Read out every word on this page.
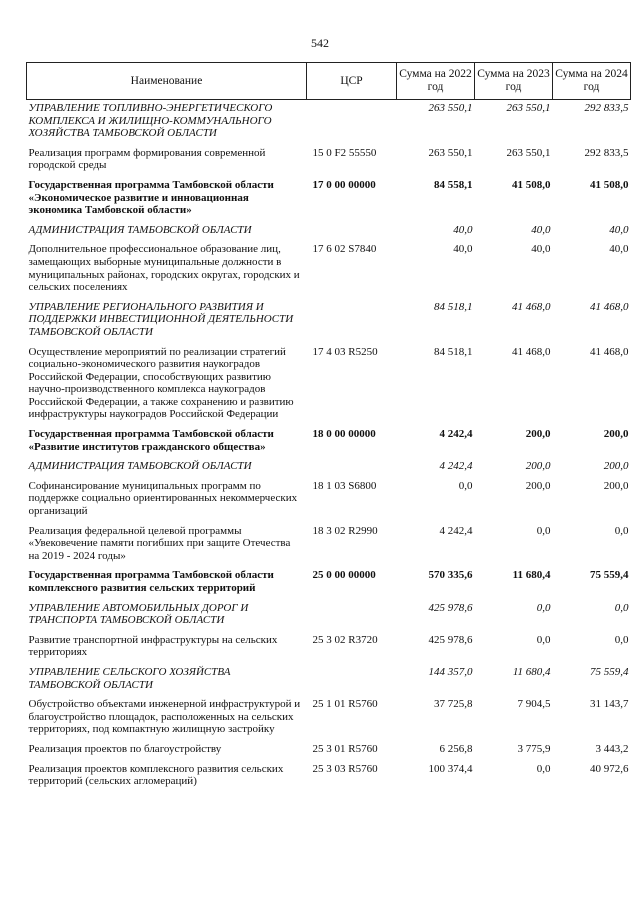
542
Наименование	ЦСР	Сумма на 2022 год	Сумма на 2023 год	Сумма на 2024 год
УПРАВЛЕНИЕ ТОПЛИВНО-ЭНЕРГЕТИЧЕСКОГО КОМПЛЕКСА И ЖИЛИЩНО-КОММУНАЛЬНОГО ХОЗЯЙСТВА ТАМБОВСКОЙ ОБЛАСТИ		263 550,1	263 550,1	292 833,5
Реализация программ формирования современной городской среды	15 0 F2 55550	263 550,1	263 550,1	292 833,5
Государственная программа Тамбовской области «Экономическое развитие и инновационная экономика Тамбовской области»	17 0 00 00000	84 558,1	41 508,0	41 508,0
АДМИНИСТРАЦИЯ ТАМБОВСКОЙ ОБЛАСТИ		40,0	40,0	40,0
Дополнительное профессиональное образование лиц, замещающих выборные муниципальные должности в муниципальных районах, городских округах, городских и сельских поселениях	17 6 02 S7840	40,0	40,0	40,0
УПРАВЛЕНИЕ РЕГИОНАЛЬНОГО РАЗВИТИЯ И ПОДДЕРЖКИ ИНВЕСТИЦИОННОЙ ДЕЯТЕЛЬНОСТИ ТАМБОВСКОЙ ОБЛАСТИ		84 518,1	41 468,0	41 468,0
Осуществление мероприятий по реализации стратегий социально-экономического развития наукоградов Российской Федерации, способствующих развитию научно-производственного комплекса наукоградов Российской Федерации, а также сохранению и развитию инфраструктуры наукоградов Российской Федерации	17 4 03 R5250	84 518,1	41 468,0	41 468,0
Государственная программа Тамбовской области «Развитие институтов гражданского общества»	18 0 00 00000	4 242,4	200,0	200,0
АДМИНИСТРАЦИЯ ТАМБОВСКОЙ ОБЛАСТИ		4 242,4	200,0	200,0
Софинансирование муниципальных программ по поддержке социально ориентированных некоммерческих организаций	18 1 03 S6800	0,0	200,0	200,0
Реализация федеральной целевой программы «Увековечение памяти погибших при защите Отечества на 2019 - 2024 годы»	18 3 02 R2990	4 242,4	0,0	0,0
Государственная программа Тамбовской области комплексного развития сельских территорий	25 0 00 00000	570 335,6	11 680,4	75 559,4
УПРАВЛЕНИЕ АВТОМОБИЛЬНЫХ ДОРОГ И ТРАНСПОРТА ТАМБОВСКОЙ ОБЛАСТИ		425 978,6	0,0	0,0
Развитие транспортной инфраструктуры на сельских территориях	25 3 02 R3720	425 978,6	0,0	0,0
УПРАВЛЕНИЕ СЕЛЬСКОГО ХОЗЯЙСТВА ТАМБОВСКОЙ ОБЛАСТИ		144 357,0	11 680,4	75 559,4
Обустройство объектами инженерной инфраструктурой и благоустройство площадок, расположенных на сельских территориях, под компактную жилищную застройку	25 1 01 R5760	37 725,8	7 904,5	31 143,7
Реализация проектов по благоустройству	25 3 01 R5760	6 256,8	3 775,9	3 443,2
Реализация проектов комплексного развития сельских территорий (сельских агломераций)	25 3 03 R5760	100 374,4	0,0	40 972,6
